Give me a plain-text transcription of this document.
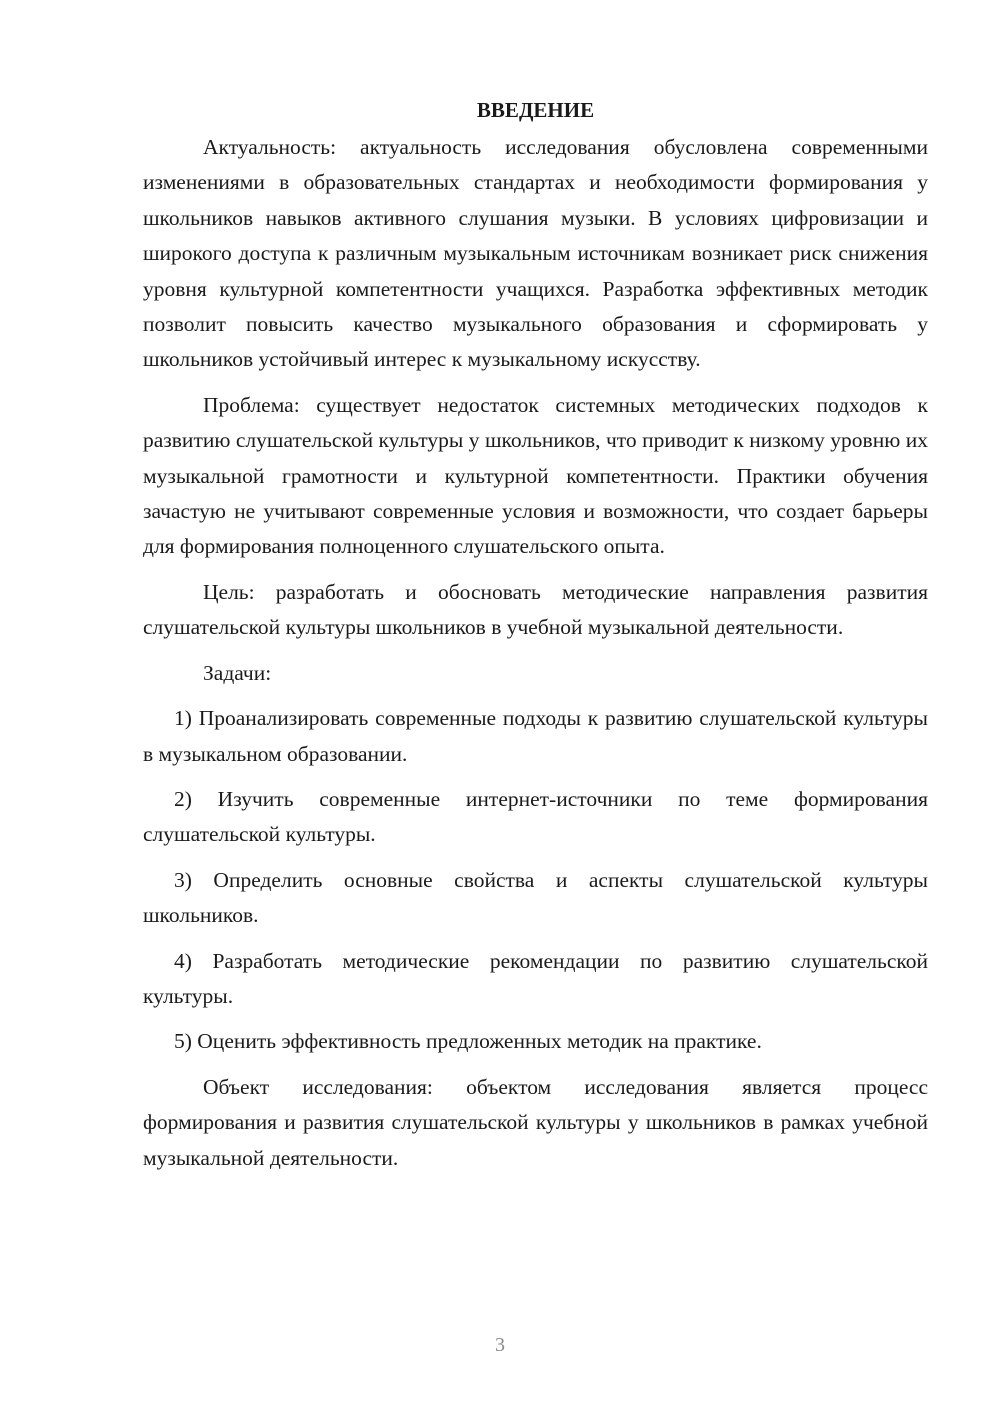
ВВЕДЕНИЕ

Актуальность: актуальность исследования обусловлена современными изменениями в образовательных стандартах и необходимости формирования у школьников навыков активного слушания музыки. В условиях цифровизации и широкого доступа к различным музыкальным источникам возникает риск снижения уровня культурной компетентности учащихся. Разработка эффективных методик позволит повысить качество музыкального образования и сформировать у школьников устойчивый интерес к музыкальному искусству.

Проблема: существует недостаток системных методических подходов к развитию слушательской культуры у школьников, что приводит к низкому уровню их музыкальной грамотности и культурной компетентности. Практики обучения зачастую не учитывают современные условия и возможности, что создает барьеры для формирования полноценного слушательского опыта.

Цель: разработать и обосновать методические направления развития слушательской культуры школьников в учебной музыкальной деятельности.

Задачи:

1) Проанализировать современные подходы к развитию слушательской культуры в музыкальном образовании.

2) Изучить современные интернет-источники по теме формирования слушательской культуры.

3) Определить основные свойства и аспекты слушательской культуры школьников.

4) Разработать методические рекомендации по развитию слушательской культуры.

5) Оценить эффективность предложенных методик на практике.

Объект исследования: объектом исследования является процесс формирования и развития слушательской культуры у школьников в рамках учебной музыкальной деятельности.

3
